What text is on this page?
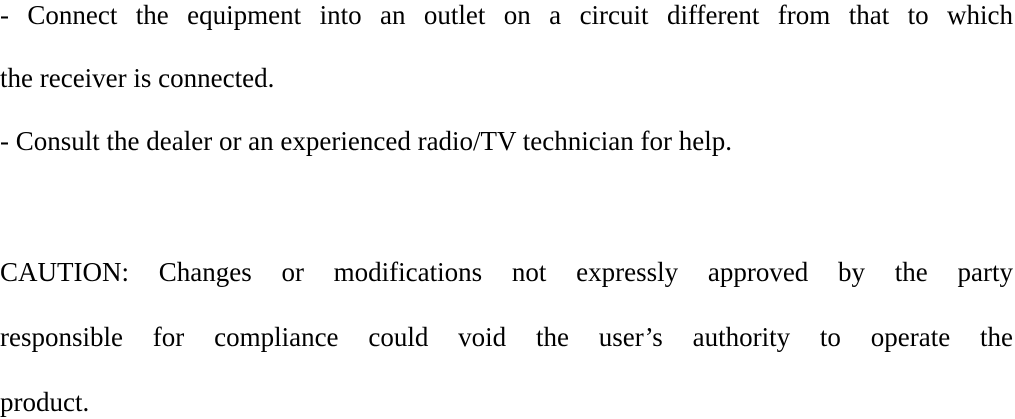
- Connect the equipment into an outlet on a circuit different from that to which
the receiver is connected.
- Consult the dealer or an experienced radio/TV technician for help.
CAUTION: Changes or modifications not expressly approved by the party
responsible for compliance could void the user’s authority to operate the
product.
